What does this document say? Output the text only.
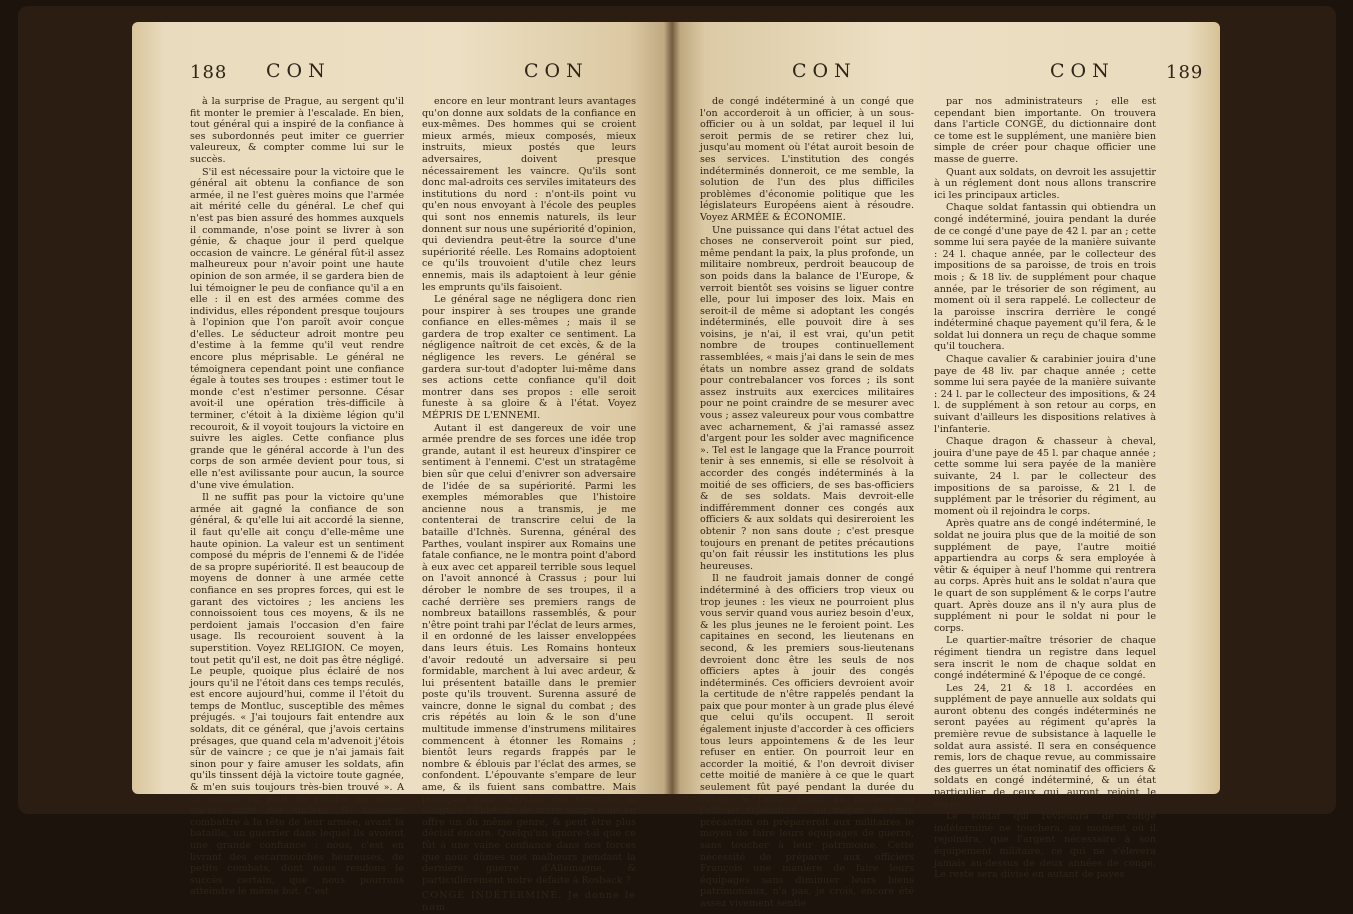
188 CON	CON

à la surprise de Prague, au sergent qu'il fit monter le premier à l'escalade. En bien, tout général qui a inspiré de la confiance à ses subordonnés peut imiter ce guerrier valeureux, & compter comme lui sur le succès.

S'il est nécessaire pour la victoire que le général ait obtenu la confiance de son armée, il ne l'est guères moins que l'armée ait mérité celle du général. Le chef qui n'est pas bien assuré des hommes auxquels il commande, n'ose point se livrer à son génie, & chaque jour il perd quelque occasion de vaincre. Le général fût-il assez malheureux pour n'avoir point une haute opinion de son armée, il se gardera bien de lui témoigner le peu de confiance qu'il a en elle : il en est des armées comme des individus, elles répondent presque toujours à l'opinion que l'on paroît avoir conçue d'elles. Le séducteur adroit montre peu d'estime à la femme qu'il veut rendre encore plus méprisable. Le général ne témoignera cependant point une confiance égale à toutes ses troupes : estimer tout le monde c'est n'estimer personne. César avoit-il une opération très-difficile à terminer, c'étoit à la dixième légion qu'il recouroit, & il voyoit toujours la victoire en suivre les aigles. Cette confiance plus grande que le général accorde à l'un des corps de son armée devient pour tous, si elle n'est avilissante pour aucun, la source d'une vive émulation.

Il ne suffit pas pour la victoire qu'une armée ait gagné la confiance de son général, & qu'elle lui ait accordé la sienne, il faut qu'elle ait conçu d'elle-même une haute opinion. La valeur est un sentiment composé du mépris de l'ennemi & de l'idée de sa propre supériorité. Il est beaucoup de moyens de donner à une armée cette confiance en ses propres forces, qui est le garant des victoires ; les anciens les connoissoient tous ces moyens, & ils ne perdoient jamais l'occasion d'en faire usage. Ils recouroient souvent à la superstition. Voyez RELIGION. Ce moyen, tout petit qu'il est, ne doit pas être négligé. Le peuple, quoique plus éclairé de nos jours qu'il ne l'étoit dans ces temps reculés, est encore aujourd'hui, comme il l'étoit du temps de Montluc, susceptible des mêmes préjugés. « J'ai toujours fait entendre aux soldats, dit ce général, que j'avois certains présages, que quand cela m'advenoit j'étois sûr de vaincre ; ce que je n'ai jamais fait sinon pour y faire amuser les soldats, afin qu'ils tinssent déjà la victoire toute gagnée, & m'en suis toujours très-bien trouvé ». A ce moyen on peut en joindre un autre, encore imité des anciens. Ils faisoient combattre à la tête de leur armée, avant la bataille, un guerrier dans lequel ils avoient une grande confiance : nous, c'est en livrant des escarmouches heureuses, de petits combats, dont nous rendons le succès certain, que nous pourrons atteindre le même but. C'est

encore en leur montrant leurs avantages qu'on donne aux soldats de la confiance en eux-mêmes. Des hommes qui se croient mieux armés, mieux composés, mieux instruits, mieux postés que leurs adversaires, doivent presque nécessairement les vaincre. Qu'ils sont donc mal-adroits ces serviles imitateurs des institutions du nord : n'ont-ils point vu qu'en nous envoyant à l'école des peuples qui sont nos ennemis naturels, ils leur donnent sur nous une supériorité d'opinion, qui deviendra peut-être la source d'une supériorité réelle. Les Romains adoptoient ce qu'ils trouvoient d'utile chez leurs ennemis, mais ils adaptoient à leur génie les emprunts qu'ils faisoient.

Le général sage ne négligera donc rien pour inspirer à ses troupes une grande confiance en elles-mêmes ; mais il se gardera de trop exalter ce sentiment. La négligence naîtroit de cet excès, & de la négligence les revers. Le général se gardera sur-tout d'adopter lui-même dans ses actions cette confiance qu'il doit montrer dans ses propos : elle seroit funeste à sa gloire & à l'état. Voyez MÉPRIS DE L'ENNEMI.

Autant il est dangereux de voir une armée prendre de ses forces une idée trop grande, autant il est heureux d'inspirer ce sentiment à l'ennemi. C'est un stratagême bien sûr que celui d'enivrer son adversaire de l'idée de sa supériorité. Parmi les exemples mémorables que l'histoire ancienne nous a transmis, je me contenterai de transcrire celui de la bataille d'Ichnès. Surenna, général des Parthes, voulant inspirer aux Romains une fatale confiance, ne le montra point d'abord à eux avec cet appareil terrible sous lequel on l'avoit annoncé à Crassus ; pour lui dérober le nombre de ses troupes, il a caché derrière ses premiers rangs de nombreux bataillons rassemblés, & pour n'être point trahi par l'éclat de leurs armes, il en ordonné de les laisser enveloppées dans leurs étuis. Les Romains honteux d'avoir redouté un adversaire si peu formidable, marchent à lui avec ardeur, & lui présentent bataille dans le premier poste qu'ils trouvent. Surenna assuré de vaincre, donne le signal du combat ; des cris répétés au loin & le son d'une multitude immense d'instrumens militaires commencent à étonner les Romains ; bientôt leurs regards frappés par le nombre & éblouis par l'éclat des armes, se confondent. L'épouvante s'empare de leur ame, & ils fuient sans combattre. Mais pourquoi aller chercher des exemples si éloignés ? l'histoire de notre temps nous en offre un du même genre, & peut être plus décisif encore. Quelqu'un ignore-t-il que ce fût à une vaine confiance dans nos forces que nous dûmes nos malheurs pendant la dernière guerre d'Allemagne, & particulièrement notre défaite à Rosback ?

CONGÉ INDÉTERMINÉ. Je donne le nom

CON	CON	189

de congé indéterminé à un congé que l'on accorderoit à un officier, à un sous-officier ou à un soldat, par lequel il lui seroit permis de se retirer chez lui, jusqu'au moment où l'état auroit besoin de ses services. L'institution des congés indéterminés donneroit, ce me semble, la solution de l'un des plus difficiles problèmes d'économie politique que les législateurs Européens aient à résoudre. Voyez ARMÉE & ÉCONOMIE.

Une puissance qui dans l'état actuel des choses ne conserveroit point sur pied, même pendant la paix, la plus profonde, un militaire nombreux, perdroit beaucoup de son poids dans la balance de l'Europe, & verroit bientôt ses voisins se liguer contre elle, pour lui imposer des loix. Mais en seroit-il de même si adoptant les congés indéterminés, elle pouvoit dire à ses voisins, je n'ai, il est vrai, qu'un petit nombre de troupes continuellement rassemblées, « mais j'ai dans le sein de mes états un nombre assez grand de soldats pour contrebalancer vos forces ; ils sont assez instruits aux exercices militaires pour ne point craindre de se mesurer avec vous ; assez valeureux pour vous combattre avec acharnement, & j'ai ramassé assez d'argent pour les solder avec magnificence ». Tel est le langage que la France pourroit tenir à ses ennemis, si elle se résolvoit à accorder des congés indéterminés à la moitié de ses officiers, de ses bas-officiers & de ses soldats. Mais devroit-elle indifféremment donner ces congés aux officiers & aux soldats qui desireroient les obtenir ? non sans doute ; c'est presque toujours en prenant de petites précautions qu'on fait réussir les institutions les plus heureuses.

Il ne faudroit jamais donner de congé indéterminé à des officiers trop vieux ou trop jeunes : les vieux ne pourroient plus vous servir quand vous auriez besoin d'eux, & les plus jeunes ne le feroient point. Les capitaines en second, les lieutenans en second, & les premiers sous-lieutenans devroient donc être les seuls de nos officiers aptes à jouir des congés indéterminés. Ces officiers devroient avoir la certitude de n'être rappelés pendant la paix que pour monter à un grade plus élevé que celui qu'ils occupent. Il seroit également injuste d'accorder à ces officiers tous leurs appointemens & de les leur refuser en entier. On pourroit leur en accorder la moitié, & l'on devroit diviser cette moitié de manière à ce que le quart seulement fût payé pendant la durée du congé, & l'autre quart au moment où l'officier rejoindroit ; au moyen de cette précaution on prépareroit aux militaires le moyen de faire leurs équipages de guerre, sans toucher à leur patrimoine. Cette nécessité de préparer aux officiers François une manière de faire leurs équipages sans diminuer leurs biens patrimoniaux, n'a pas, je crois, encore été assez vivement sentie

par nos administrateurs ; elle est cependant bien importante. On trouvera dans l'article CONGÉ, du dictionnaire dont ce tome est le supplément, une manière bien simple de créer pour chaque officier une masse de guerre.

Quant aux soldats, on devroit les assujettir à un réglement dont nous allons transcrire ici les principaux articles.

Chaque soldat fantassin qui obtiendra un congé indéterminé, jouira pendant la durée de ce congé d'une paye de 42 l. par an ; cette somme lui sera payée de la manière suivante : 24 l. chaque année, par le collecteur des impositions de sa paroisse, de trois en trois mois ; & 18 liv. de supplément pour chaque année, par le trésorier de son régiment, au moment où il sera rappelé. Le collecteur de la paroisse inscrira derrière le congé indéterminé chaque payement qu'il fera, & le soldat lui donnera un reçu de chaque somme qu'il touchera.

Chaque cavalier & carabinier jouira d'une paye de 48 liv. par chaque année ; cette somme lui sera payée de la manière suivante : 24 l. par le collecteur des impositions, & 24 l. de supplément à son retour au corps, en suivant d'ailleurs les dispositions relatives à l'infanterie.

Chaque dragon & chasseur à cheval, jouira d'une paye de 45 l. par chaque année ; cette somme lui sera payée de la manière suivante, 24 l. par le collecteur des impositions de sa paroisse, & 21 l. de supplément par le trésorier du régiment, au moment où il rejoindra le corps.

Après quatre ans de congé indéterminé, le soldat ne jouira plus que de la moitié de son supplément de paye, l'autre moitié appartiendra au corps & sera employée à vêtir & équiper à neuf l'homme qui rentrera au corps. Après huit ans le soldat n'aura que le quart de son supplément & le corps l'autre quart. Après douze ans il n'y aura plus de supplément ni pour le soldat ni pour le corps.

Le quartier-maître trésorier de chaque régiment tiendra un registre dans lequel sera inscrit le nom de chaque soldat en congé indéterminé & l'époque de ce congé.

Les 24, 21 & 18 l. accordées en supplément de paye annuelle aux soldats qui auront obtenu des congés indéterminés ne seront payées au régiment qu'après la première revue de subsistance à laquelle le soldat aura assisté. Il sera en conséquence remis, lors de chaque revue, au commissaire des guerres un état nominatif des officiers & soldats en congé indéterminé, & un état particulier de ceux qui auront rejoint le corps.

Le soldat qui reviendra de congé indéterminé ne touchera, au moment où il rejoindra, que l'argent nécessaire à son équipement militaire, ce qui ne s'élevera jamais au-dessus de deux années de congé. Le reste sera divisé en autant de payes
